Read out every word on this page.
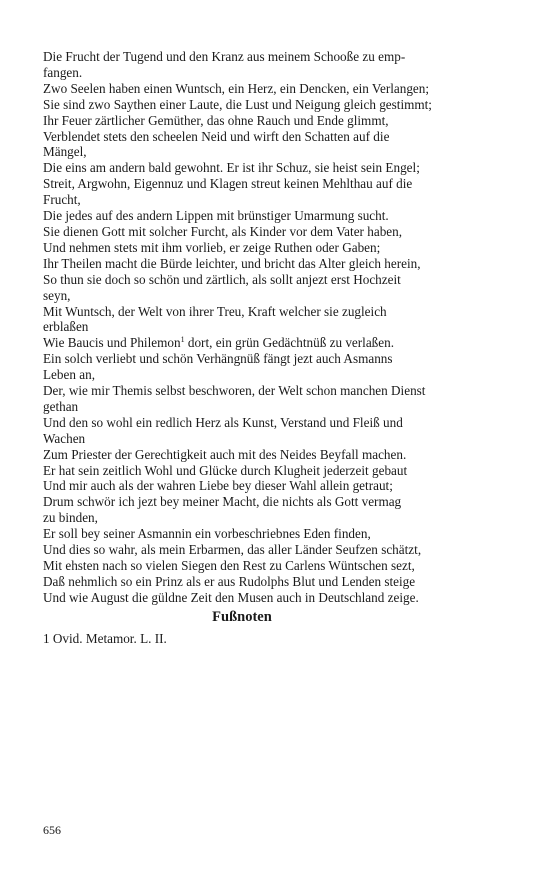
Die Frucht der Tugend und den Kranz aus meinem Schooße zu emp-

fangen.

Zwo Seelen haben einen Wuntsch, ein Herz, ein Dencken, ein Verlangen;

Sie sind zwo Saythen einer Laute, die Lust und Neigung gleich gestimmt;

Ihr Feuer zärtlicher Gemüther, das ohne Rauch und Ende glimmt,

Verblendet stets den scheelen Neid und wirft den Schatten auf die

Mängel,

Die eins am andern bald gewohnt. Er ist ihr Schuz, sie heist sein Engel;

Streit, Argwohn, Eigennuz und Klagen streut keinen Mehlthau auf die

Frucht,

Die jedes auf des andern Lippen mit brünstiger Umarmung sucht.

Sie dienen Gott mit solcher Furcht, als Kinder vor dem Vater haben,

Und nehmen stets mit ihm vorlieb, er zeige Ruthen oder Gaben;

Ihr Theilen macht die Bürde leichter, und bricht das Alter gleich herein,

So thun sie doch so schön und zärtlich, als sollt anjezt erst Hochzeit

seyn,

Mit Wuntsch, der Welt von ihrer Treu, Kraft welcher sie zugleich

erblaßen

Wie Baucis und Philemon$^1$ dort, ein grün Gedächtnüß zu verlaßen.

Ein solch verliebt und schön Verhängnüß fängt jezt auch Asmanns

Leben an,

Der, wie mir Themis selbst beschworen, der Welt schon manchen Dienst

gethan

Und den so wohl ein redlich Herz als Kunst, Verstand und Fleiß und

Wachen

Zum Priester der Gerechtigkeit auch mit des Neides Beyfall machen.

Er hat sein zeitlich Wohl und Glücke durch Klugheit jederzeit gebaut

Und mir auch als der wahren Liebe bey dieser Wahl allein getraut;

Drum schwör ich jezt bey meiner Macht, die nichts als Gott vermag

zu binden,

Er soll bey seiner Asmannin ein vorbeschriebnes Eden finden,

Und dies so wahr, als mein Erbarmen, das aller Länder Seufzen schätzt,

Mit ehsten nach so vielen Siegen den Rest zu Carlens Wüntschen sezt,

Daß nehmlich so ein Prinz als er aus Rudolphs Blut und Lenden steige

Und wie August die güldne Zeit den Musen auch in Deutschland zeige.

Fußnoten

1 Ovid. Metamor. L. II.

656
